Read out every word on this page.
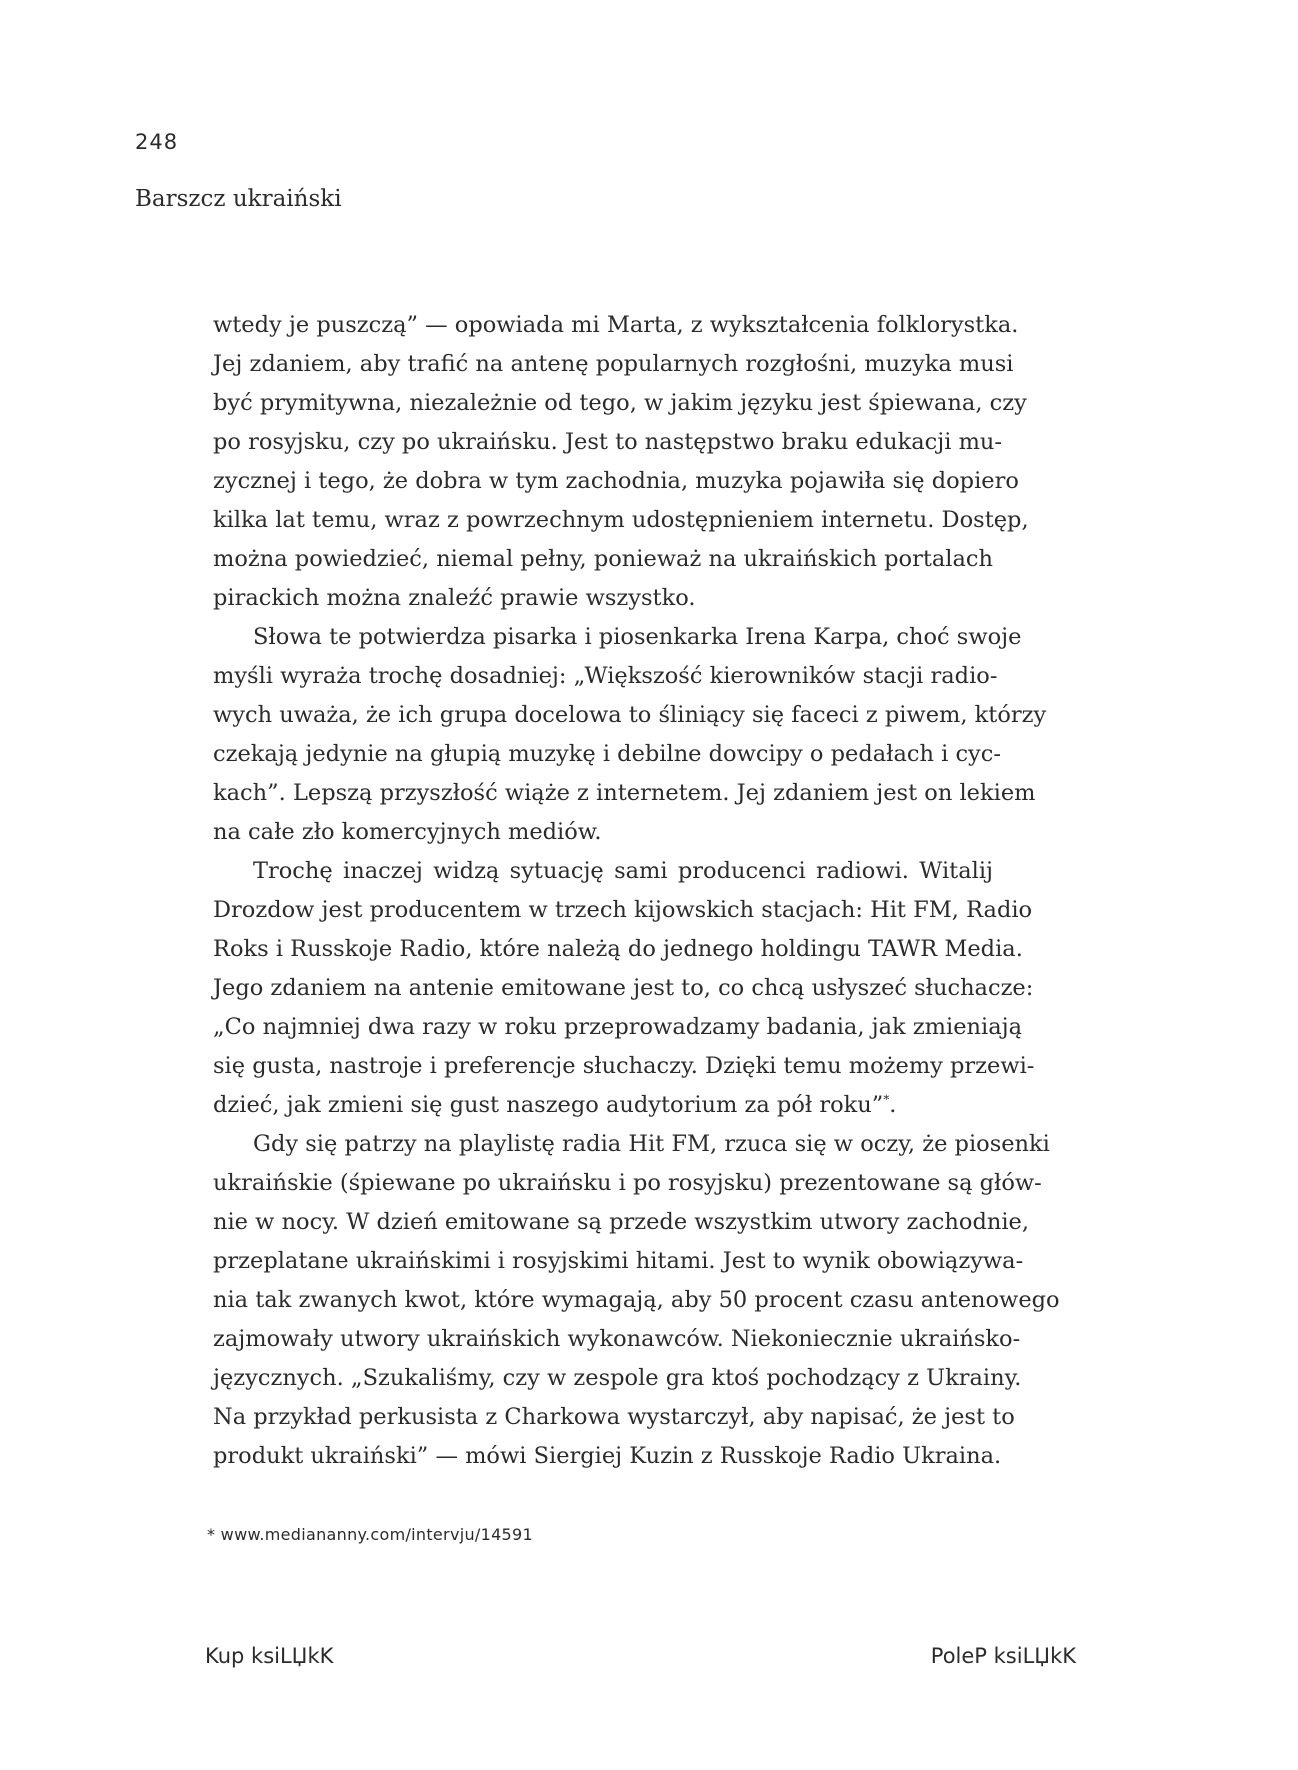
248
Barszcz ukraiński
wtedy je puszczą” — opowiada mi Marta, z wykształcenia folklorystka.
Jej zdaniem, aby trafić na antenę popularnych rozgłośni, muzyka musi
być prymitywna, niezależnie od tego, w jakim języku jest śpiewana, czy
po rosyjsku, czy po ukraińsku. Jest to następstwo braku edukacji mu-
zycznej i tego, że dobra w tym zachodnia, muzyka pojawiła się dopiero
kilka lat temu, wraz z powrzechnym udostępnieniem internetu. Dostęp,
można powiedzieć, niemal pełny, ponieważ na ukraińskich portalach
pirackich można znaleźć prawie wszystko.
Słowa te potwierdza pisarka i piosenkarka Irena Karpa, choć swoje
myśli wyraża trochę dosadniej: „Większość kierowników stacji radio-
wych uważa, że ich grupa docelowa to śliniący się faceci z piwem, którzy
czekają jedynie na głupią muzykę i debilne dowcipy o pedałach i cyc-
kach”. Lepszą przyszłość wiąże z internetem. Jej zdaniem jest on lekiem
na całe zło komercyjnych mediów.
Trochę inaczej widzą sytuację sami producenci radiowi. Witalij
Drozdow jest producentem w trzech kijowskich stacjach: Hit FM, Radio
Roks i Russkoje Radio, które należą do jednego holdingu TAWR Media.
Jego zdaniem na antenie emitowane jest to, co chcą usłyszeć słuchacze:
„Co najmniej dwa razy w roku przeprowadzamy badania, jak zmieniają
się gusta, nastroje i preferencje słuchaczy. Dzięki temu możemy przewi-
dzieć, jak zmieni się gust naszego audytorium za pół roku”*.
Gdy się patrzy na playlistę radia Hit FM, rzuca się w oczy, że piosenki
ukraińskie (śpiewane po ukraińsku i po rosyjsku) prezentowane są głów-
nie w nocy. W dzień emitowane są przede wszystkim utwory zachodnie,
przeplatane ukraińskimi i rosyjskimi hitami. Jest to wynik obowiązywa-
nia tak zwanych kwot, które wymagają, aby 50 procent czasu antenowego
zajmowały utwory ukraińskich wykonawców. Niekoniecznie ukraińsko-
języcznych. „Szukaliśmy, czy w zespole gra ktoś pochodzący z Ukrainy.
Na przykład perkusista z Charkowa wystarczył, aby napisać, że jest to
produkt ukraiński” — mówi Siergiej Kuzin z Russkoje Radio Ukraina.
* www.mediananny.com/intervju/14591
Kup ksiLЏkK	PoleP ksiLЏkK
